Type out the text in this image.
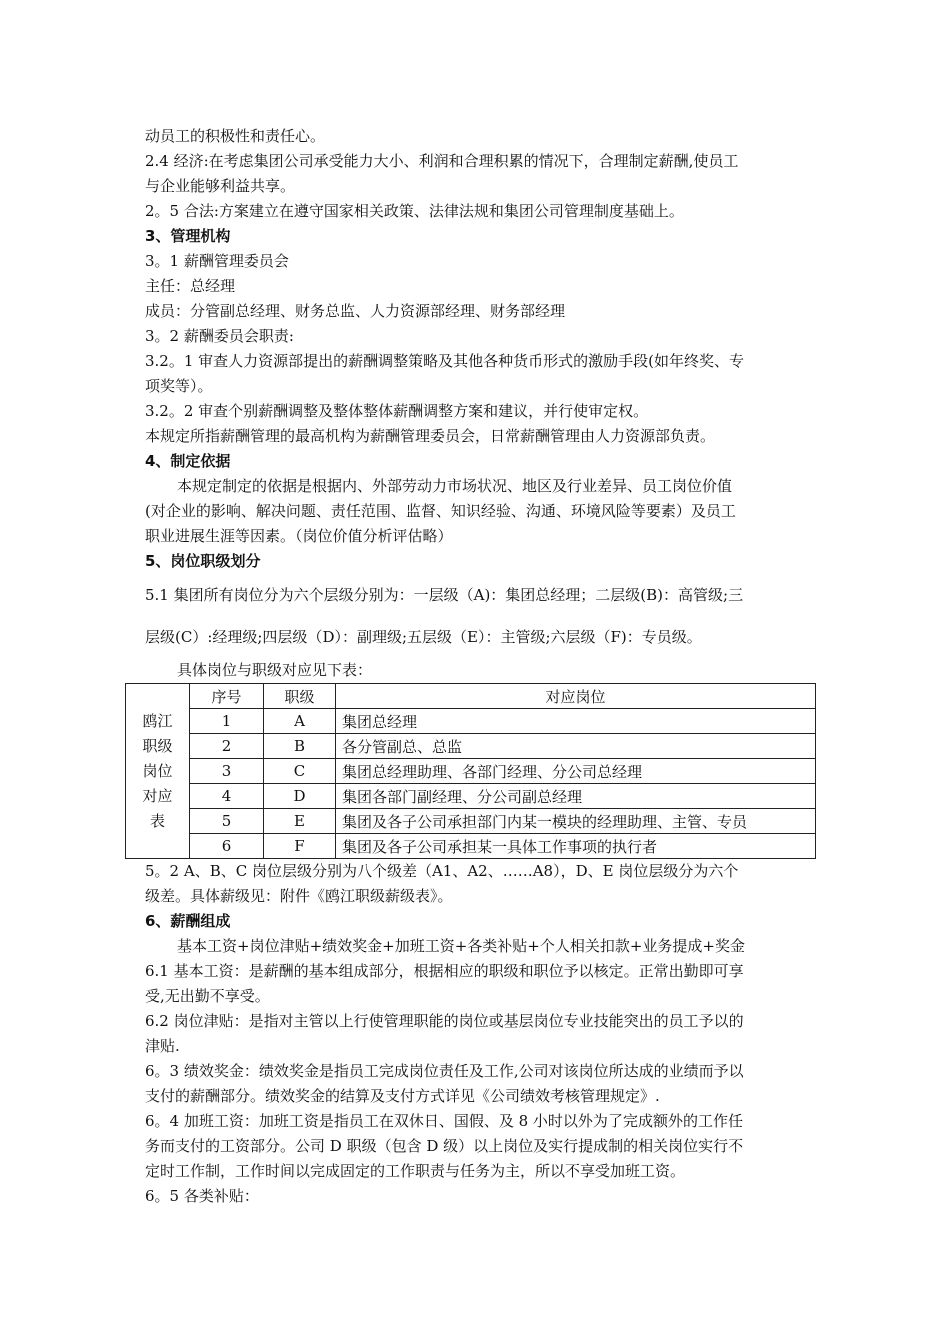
动员工的积极性和责任心。
2.4 经济:在考虑集团公司承受能力大小、利润和合理积累的情况下，合理制定薪酬,使员工
与企业能够利益共享。
2。5 合法:方案建立在遵守国家相关政策、法律法规和集团公司管理制度基础上。
3、管理机构
3。1 薪酬管理委员会
主任：总经理
成员：分管副总经理、财务总监、人力资源部经理、财务部经理
3。2 薪酬委员会职责:
3.2。1 审查人力资源部提出的薪酬调整策略及其他各种货币形式的激励手段(如年终奖、专
项奖等）。
3.2。2 审查个别薪酬调整及整体整体薪酬调整方案和建议，并行使审定权。
本规定所指薪酬管理的最高机构为薪酬管理委员会，日常薪酬管理由人力资源部负责。
4、制定依据
本规定制定的依据是根据内、外部劳动力市场状况、地区及行业差异、员工岗位价值
(对企业的影响、解决问题、责任范围、监督、知识经验、沟通、环境风险等要素）及员工
职业进展生涯等因素。（岗位价值分析评估略）
5、岗位职级划分
5.1 集团所有岗位分为六个层级分别为：一层级（A)：集团总经理；二层级(B)：高管级;三
层级(C）:经理级;四层级（D）：副理级;五层级（E）：主管级;六层级（F)：专员级。
具体岗位与职级对应见下表：
鸥江职级岗位对应表	序号	职级	对应岗位
	1	A	集团总经理
	2	B	各分管副总、总监
	3	C	集团总经理助理、各部门经理、分公司总经理
	4	D	集团各部门副经理、分公司副总经理
	5	E	集团及各子公司承担部门内某一模块的经理助理、主管、专员
	6	F	集团及各子公司承担某一具体工作事项的执行者
5。2 A、B、C 岗位层级分别为八个级差（A1、A2、……A8），D、E 岗位层级分为六个
级差。具体薪级见：附件《鸥江职级薪级表》。
6、薪酬组成
基本工资+岗位津贴+绩效奖金+加班工资+各类补贴+个人相关扣款+业务提成+奖金
6.1 基本工资：是薪酬的基本组成部分，根据相应的职级和职位予以核定。正常出勤即可享
受,无出勤不享受。
6.2 岗位津贴：是指对主管以上行使管理职能的岗位或基层岗位专业技能突出的员工予以的
津贴.
6。3 绩效奖金：绩效奖金是指员工完成岗位责任及工作,公司对该岗位所达成的业绩而予以
支付的薪酬部分。绩效奖金的结算及支付方式详见《公司绩效考核管理规定》.
6。4 加班工资：加班工资是指员工在双休日、国假、及 8 小时以外为了完成额外的工作任
务而支付的工资部分。公司 D 职级（包含 D 级）以上岗位及实行提成制的相关岗位实行不
定时工作制，工作时间以完成固定的工作职责与任务为主，所以不享受加班工资。
6。5 各类补贴：
